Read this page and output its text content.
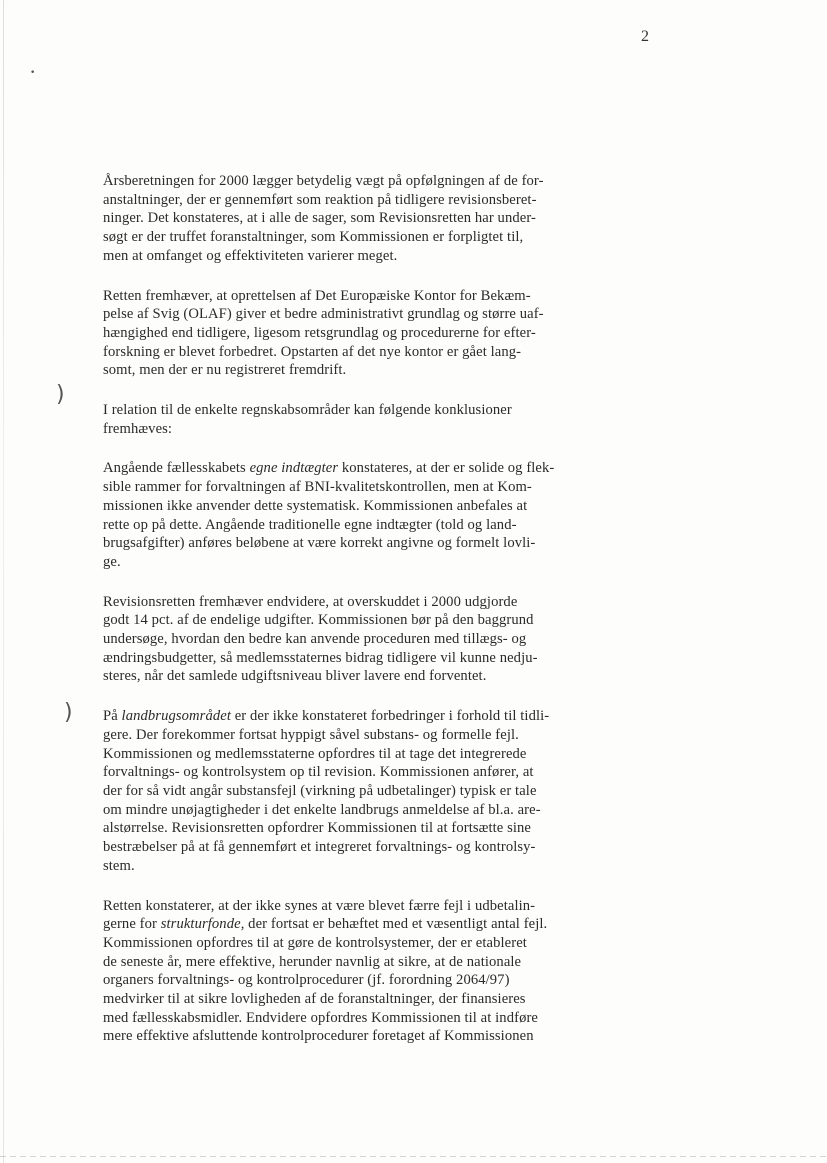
2
•
)
)

Årsberetningen for 2000 lægger betydelig vægt på opfølgningen af de for-
anstaltninger, der er gennemført som reaktion på tidligere revisionsberet-
ninger. Det konstateres, at i alle de sager, som Revisionsretten har under-
søgt er der truffet foranstaltninger, som Kommissionen er forpligtet til,
men at omfanget og effektiviteten varierer meget.

Retten fremhæver, at oprettelsen af Det Europæiske Kontor for Bekæm-
pelse af Svig (OLAF) giver et bedre administrativt grundlag og større uaf-
hængighed end tidligere, ligesom retsgrundlag og procedurerne for efter-
forskning er blevet forbedret. Opstarten af det nye kontor er gået lang-
somt, men der er nu registreret fremdrift.

I relation til de enkelte regnskabsområder kan følgende konklusioner
fremhæves:

Angående fællesskabets egne indtægter konstateres, at der er solide og flek-
sible rammer for forvaltningen af BNI-kvalitetskontrollen, men at Kom-
missionen ikke anvender dette systematisk. Kommissionen anbefales at
rette op på dette. Angående traditionelle egne indtægter (told og land-
brugsafgifter) anføres beløbene at være korrekt angivne og formelt lovli-
ge.

Revisionsretten fremhæver endvidere, at overskuddet i 2000 udgjorde
godt 14 pct. af de endelige udgifter. Kommissionen bør på den baggrund
undersøge, hvordan den bedre kan anvende proceduren med tillægs- og
ændringsbudgetter, så medlemsstaternes bidrag tidligere vil kunne nedju-
steres, når det samlede udgiftsniveau bliver lavere end forventet.

På landbrugsområdet er der ikke konstateret forbedringer i forhold til tidli-
gere. Der forekommer fortsat hyppigt såvel substans- og formelle fejl.
Kommissionen og medlemsstaterne opfordres til at tage det integrerede
forvaltnings- og kontrolsystem op til revision. Kommissionen anfører, at
der for så vidt angår substansfejl (virkning på udbetalinger) typisk er tale
om mindre unøjagtigheder i det enkelte landbrugs anmeldelse af bl.a. are-
alstørrelse. Revisionsretten opfordrer Kommissionen til at fortsætte sine
bestræbelser på at få gennemført et integreret forvaltnings- og kontrolsy-
stem.

Retten konstaterer, at der ikke synes at være blevet færre fejl i udbetalin-
gerne for strukturfonde, der fortsat er behæftet med et væsentligt antal fejl.
Kommissionen opfordres til at gøre de kontrolsystemer, der er etableret
de seneste år, mere effektive, herunder navnlig at sikre, at de nationale
organers forvaltnings- og kontrolprocedurer (jf. forordning 2064/97)
medvirker til at sikre lovligheden af de foranstaltninger, der finansieres
med fællesskabsmidler. Endvidere opfordres Kommissionen til at indføre
mere effektive afsluttende kontrolprocedurer foretaget af Kommissionen
